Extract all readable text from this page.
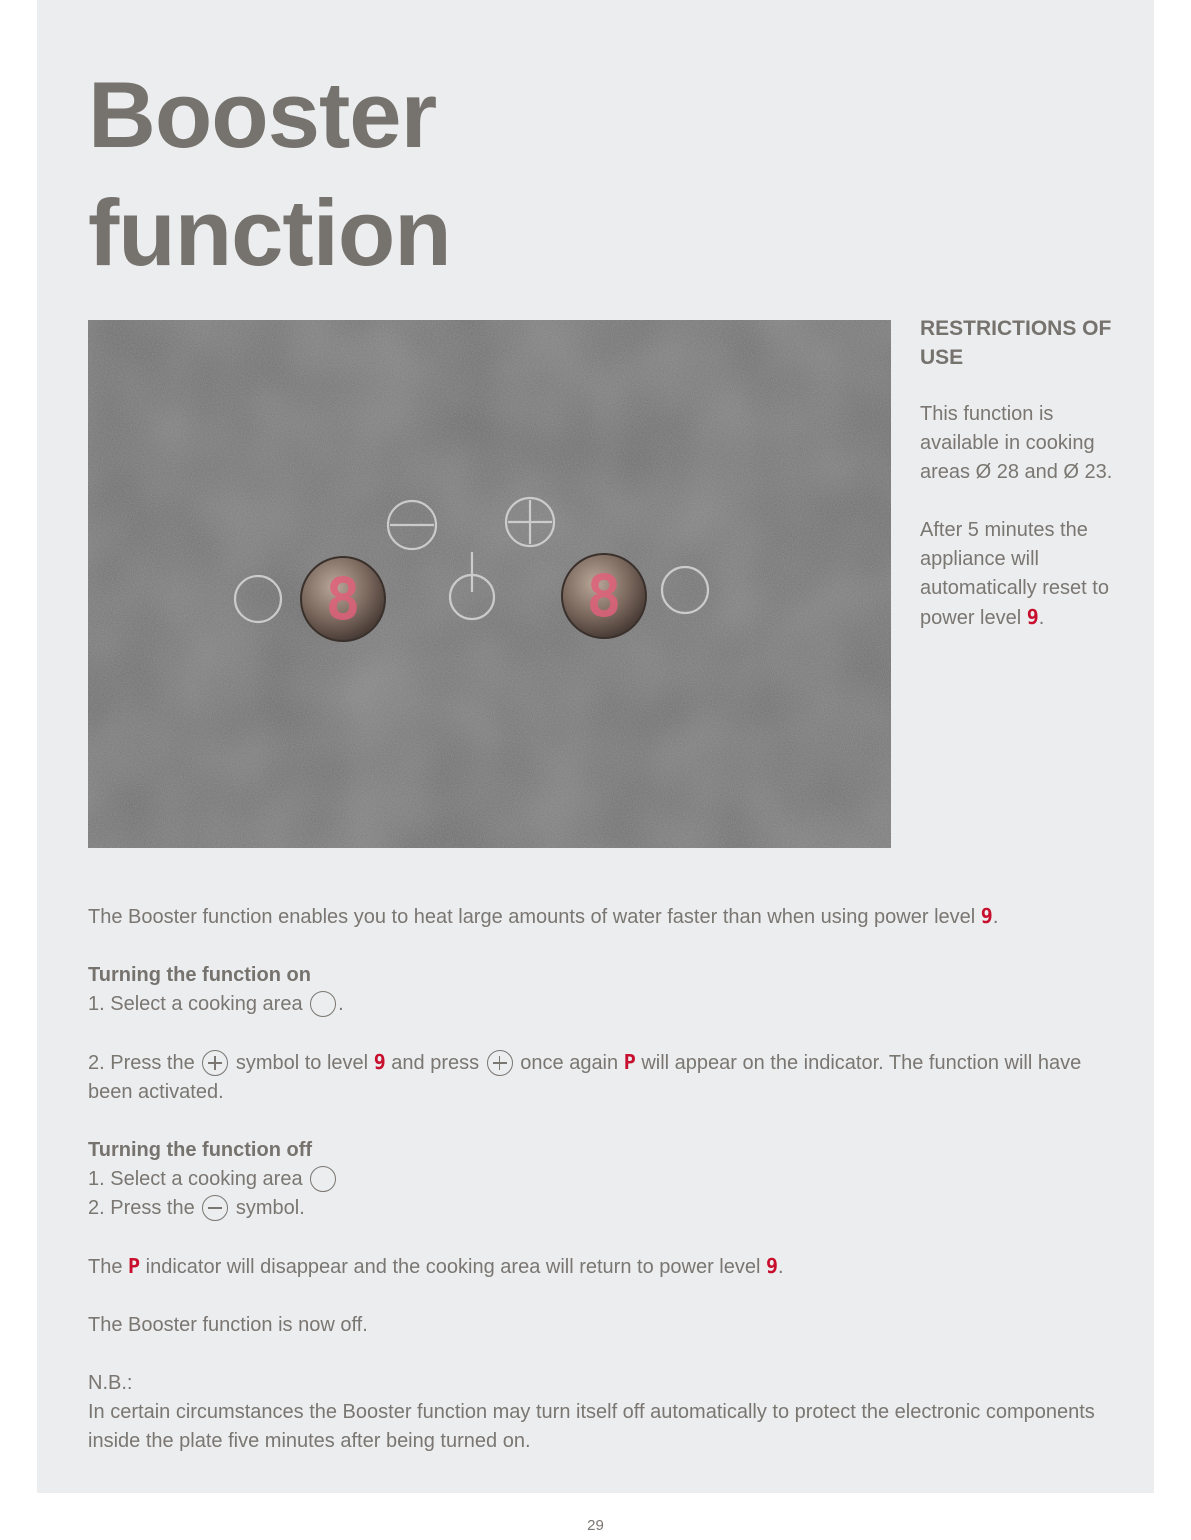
Booster
function
8	8
RESTRICTIONS OF USE

This function is available in cooking areas Ø 28 and Ø 23.

After 5 minutes the appliance will automatically reset to power level 9.

The Booster function enables you to heat large amounts of water faster than when using power level 9.

Turning the function on
1. Select a cooking area .

2. Press the symbol to level 9 and press once again P will appear on the indicator. The function will have been activated.

Turning the function off
1. Select a cooking area
2. Press the symbol.

The P indicator will disappear and the cooking area will return to power level 9.

The Booster function is now off.

N.B.:
In certain circumstances the Booster function may turn itself off automatically to protect the electronic components inside the plate five minutes after being turned on.

29
